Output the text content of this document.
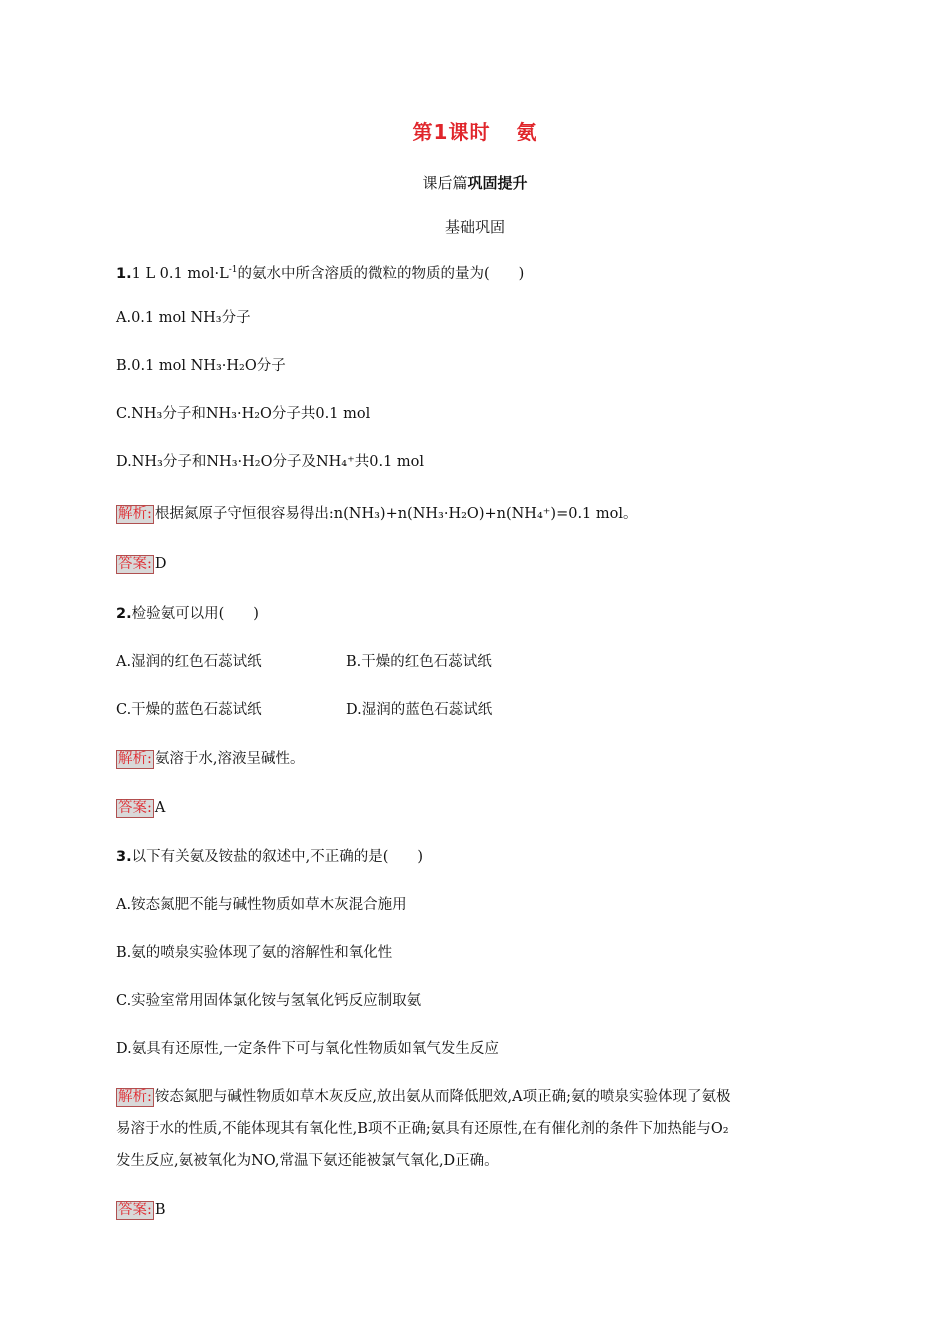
第1课时 氨
课后篇巩固提升
基础巩固
1.1 L 0.1 $mol\cdot L^{-1}$的氨水中所含溶质的微粒的物质的量为(　　)
A.0.1 mol NH₃分子
B.0.1 mol NH₃·H₂O分子
C.NH₃分子和NH₃·H₂O分子共0.1 mol
D.NH₃分子和NH₃·H₂O分子及NH₄⁺共0.1 mol
解析: 根据氮原子守恒很容易得出:n(NH₃)+n(NH₃·H₂O)+n(NH₄⁺)=0.1 mol。
答案: D
2.检验氨可以用(　　)
A.湿润的红色石蕊试纸	B.干燥的红色石蕊试纸
C.干燥的蓝色石蕊试纸	D.湿润的蓝色石蕊试纸
解析: 氨溶于水,溶液呈碱性。
答案: A
3.以下有关氨及铵盐的叙述中,不正确的是(　　)
A.铵态氮肥不能与碱性物质如草木灰混合施用
B.氨的喷泉实验体现了氨的溶解性和氧化性
C.实验室常用固体氯化铵与氢氧化钙反应制取氨
D.氨具有还原性,一定条件下可与氧化性物质如氧气发生反应
解析: 铵态氮肥与碱性物质如草木灰反应,放出氨从而降低肥效,A项正确;氨的喷泉实验体现了氨极
易溶于水的性质,不能体现其有氧化性,B项不正确;氨具有还原性,在有催化剂的条件下加热能与O₂
发生反应,氨被氧化为NO,常温下氨还能被氯气氧化,D正确。
答案: B
